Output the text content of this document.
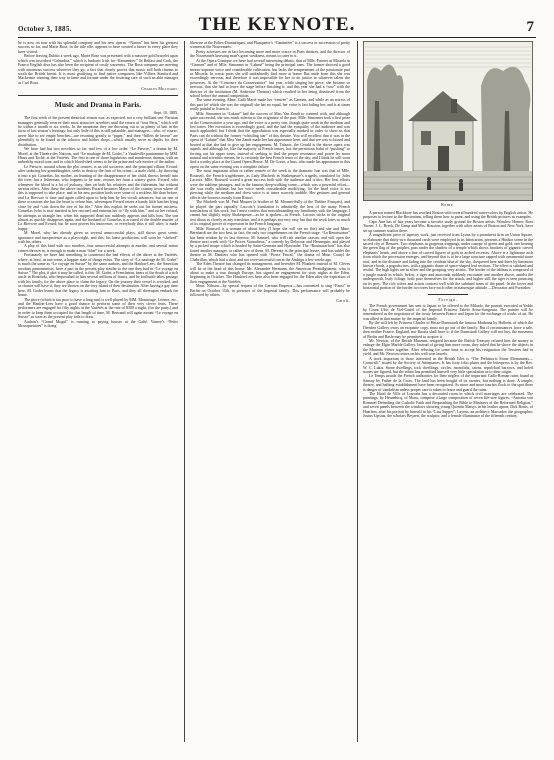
October 3, 1885.	THE KEYNOTE.	7

he is now on tour with his splendid company and his new operas. “Nanon” has been his greatest success so far, and Marie Rose, in the title rôle, appears to have created a furore in every place they have visited.

Before leaving Dublin a week ago, Marie Rose was presented with a massive gold bracelet upon which was inscribed “Columbia,” which is barbaric Irish for “Remember.” In Belfast and Cork, the Franco English diva has also been the recipient of costly souvenirs. The Rosa company are meeting with enormous success wherever they go, a fact that clearly proves that music still hath charms to sooth the British breast. It is most gratifying to find native composers like Villiers Stanford and Mackenzie winning their way to fame and fortune under the fostering care of such an able manager as Carl Rosa.

Charles Millward.
Music and Drama in Paris.
Sept. 10, 1885.

The first week of the present theatrical season was, as expected, not a very brilliant one. Parisian managers generally reserve their most attractive novelties until the return of “tout Paris,” which will be within a month or six weeks. In the meantime they are throwing out to us plenty of bait in the form of last season’s leavings; but only little of this is still palatable, and managers—who, of course, never like to see empty benches—are resorting greatly to “paper,” and their “billets de faveur” are plentifully to be found in the tobacco and barber shops—which usually serve as depôts for their distribution.

We have had but two novelties so far, and few of a low order. “Le Pievrre,” a drama by M. Morel, at the Theatre des Nations, and “Le naufrage de M. Godet,” a Vaudeville pantomime by MM. Hinzs and Tochê, at the Variétés. The first is one of those lugubrious and murderous dramas, with an unhealthy moral tone, and in which blood-shed seems to be the prime and sole motive of the author.

Le Piewrre, around whom the plot centres, is an old sorceress, and the principal villain; Evrard, after seducing her granddaughter, seeks to destroy the fruit of his crime—a male child—by throwing it into a pit. Gonzelas, his mother, on learning of the disappearance of her child, throws herself into the river, but a fisherman, who happens to be near, rescues her from a watery grave. Evrard, who whenever the blood is a lot of jealousy, then on both his relatives and the fisherman, but without serious effect. After these the above incidents Evrard becomes Mayor of the country town where all this is supposed to take place, and in his new position lords over some of a reckless life than before, and La Bievwre is time and again called upon to help him by her occult advances; but on one of these occasions she has the heart to refuse him, whereupon Evrard seizes a handy little hatchet lying close by and “cuts down the tree of his life.” After this exploit he seeks out his former mistress, Gonzelas (who is now married to her rescuer) and entreats her to “fly with him,” and on her refusal, he attempts to strangle her, when his supposed dead son suddenly appears and kills him. The son almost as quickly disappears again, and the husband of Gonzelas is accused of the double murder of La Bievwre and Evrard; but he soon proves his innocence, or everybody thus it still after; is made happy.

M. Morel, who has already given us several unsuccessful plays, still shows great scenic ignorance and inexperience as a playwright, and this, his latest production, will soon be “shelved” with his others.

A play of this kind with two murders, four unsuccessful attempts at murder, and several minor crimes thrown in, is enough to make a man “blue” for a week.

Fortunately we have had something to counteract the bad effects of the above at the Variétés, where, at least, in one sense, a happier state of things exists. The story of “Le naufrage de M. Godet” is much the same as “Le voyage en Suisse” by the same authors, and the Hanlon-Lees, the American acrobats pantomimists, have a part in the present play similar to the one they had in “Le voyage en Suisse.” The plot, if plot it may be called, is this: M. Godet, a Frenchman, hears of the death of a rich uncle in Honolulu, who bequeathed to him several millions of francs, and he forthwith takes passage with his family, for the above place to claim the legacy. On the journey their vessel is wrecked, and as chance will have it, they are thrown on the very island of their destination. After having a gay time here, M. Godet learns that the legacy is awaiting him in Paris, and they all thereupon embark for home.

The piece (which is too poor to have a long run) is well played by MM. Montrouge, Léonce, etc., and the Hanlon-Lees have a good chance to perform some of their very clever feats. These performers are engaged for fifty nights at the Variétés at the rate of $300 a night, (for the party,) and in order to keep them occupied for that length of time, M. Bertrand will again mount “Le voyage en Suisse” as soon as the present play fails to draw.

Audran’s “Grand Mogul” is running to paying houses at the Gaîté. Varney’s “Petits Mousquetaires” is doing

likewise at the Folies-Dramatiques, and Planquette’s “Cantinière” is a success or succession of pretty women at the Nouveautés.

Pretty actresses are in fact becoming more and more scarce in Paris theatres, and the director of the Nouveautés knowing man’s great weakness, means to cater to it.

At the Opera Comique we have had several interesting débuts, that of Mlle. Patoret as Micaela in “Carmen” and of Mlle. Simonnet in “Lakmé” being the principal ones. The former showed a good mezzo-soprano voice and considerable cultivation, but lacks the temperament of the passionate part as Micaela. In comic parts she will undoubtedly find more at home. But aside from this she was exceedingly nervous, and therefore it was impossible for her to do justice to whatever talent she possesses. At the “Concours du Conservatoire” last year, while singing her piece, she became so nervous, that she had to leave the stage before finishing it; and this year she had a “row” with the director of the institution (M. Ambroise Thomas) which resulted in her being dismissed from the school before the annual competition.

The same evening, Mme. Galli Marié made her “rentrée” as Carmen, and while as an actress of this part (of which she was the original) she has no equal, her voice is fast failing her, and is at times really painful to listen to.

Mlle. Simonnet in “Lakmé” had the success of Miss Van Zandt to contend with, and although quite successful, she was much inferior to the originator of the part. Mlle. Simonnet took a first prize at the Conservatoire a year ago, and the voice is a pretty one, though quite weak in the medium and low tones. Her execution is exceedingly good, and she had the sympathy of the audience and was much applauded; but I think that the approbation was especially marked in order to show us that Paris can do without the former “whistling star” of this theatre. You will recollect that it was in the opera of “Lakmé” that Miss Van Zandt made her last appearance here, and that see was so hissed and hooted at that she had to give up her engagement. M. Talazac, the Gerald is the above opera was superb, and although he, like the majority of French tenors, has the pernicious habit of “pushing” or forcing out his upper tones, instead of seeking to find the proper resonance and power by more natural and scientific means, he is certainly the best French tenor of the day, and I think he will soon find a worthy place at the Grand Opera House. M. De Grave, a bass, who made his appearance in this opera on the same evening was a complete failure.

The most important affair or rather rentrée of the week in the dramatic line was that of Mlle. Rousseil, the French tragédienne, as Lady Macbeth in Shakespeare’s tragedy, translated by Jules Lacroix. Mlle. Rousseil scored a great success both with the audience and critics. Her best efforts were the sublime passages, and in the famous sleep-walking scene—which was a powerful effort—she was really sublime, but her voice needs considerable modifying, for the head voice is too piercing while the medium and chest voice is at times scarcely audible. Her gestures and general effects she borrows mostly from Ristori.

The Macbeth was M. Paul Mounet (a brother of M. Mounet-Sully of the Théâtre Français), and he played the part capitally. Lacroix’s translation is admittedly the best of the many French translations of this work, but I must confess that notwithstanding my familiarity with the language, I cannot but slightly enjoy Shakespeare—as he is spoken—in French. Lacroix sticks to the original text about as closely as any translator, and it is perhaps not very easy but that the work loses so much of its original power of expression in the French language.

Mlle. Rousseil is a woman of about forty (I hope she will see no this) and she and Mme. Bernhardt are the two best, in fact, the only two tragediennes on the French stage. “La Renaissance” has been retaken by its last director, M. Samuel, who will risk another season, and will open the theatre next week with “Le Procès Vauradieux,” a comedy by Delacour and Hennequin, and played by a picked troupe which is headed by Saint-Germain and Hyacinthe. The “Bouinarachois” has also found another manager, or rather two of them. M. Derenty is the principal lessee, and has sublet the theatre to M. Daniiers who has opened with “Pierre Pascal,” the drama of Mme. Coutyl de Chabrillan, which had a short and not over-successful run at the Ambigu a few weeks ago.

The Eden Theatre has changed its management, and hereafter M. Plunkett instead of M. Cléves will be at the head of this house. Mr. Alexandre Hermann, the American Prestidigitateur, who is about to make a tour through Europe, has signed an engagement for sixty nights at the Eden, beginning in October. The Hanlon-Lees have also been engaged for the Eden after the expiration of their engagement at the Variétés.

Mme. Nilsson—by special request of the German Emperor—has consented to sing “Faust” in Berlin on October 15th, in presence of the Imperial family. This performance will probably be followed by others.

Caroli.
Home.

A person named Blackbore has reached Boston with several hundred water-colors by English artists. He proposes to lecture to the Bostonians, telling them how to paint, and using the British pictures as examples.

Capo Ann has of late years become a favorite study ground for Boston artists. Winslow Homer, Ross Turner, J. L. Breck, De Camp and Mrs. Houston, together with other artists of Boston and New York, have set up summer studios there.

A magnificent piece of tapestry work, just received from Lyons by a prominent firm on Union Square, so elaborate that thirty-two thousand cards were employed in its fabrication, presents a Hindoo scene in the sacred city of Benares. Two elephants in gorgeous trappings, under canopy of green and gold, one bearing the green flag of the prophet, pass under the shadow of a temple which shows brackets of gigantic carved elephants’ heads, and above a line of carved figures of gods in arched recesses. Above is a lightsome arch from which the procession emerges, and beyond that is to be a large structure capped with ornamental stone roof, and in the distance and fading into the cerulean blue of the sky, chequered here and there by luminous brown clouds, a pagoda rises, with a gigantic dome of space-shaped leaf sections. The effect is subdued and restful. The high lights are in silver and the grouping very artistic. The border of the tableau is composed of a jungle marsh in which, below, a tiger and anaconda suddenly encounter one another above, amidst the undergrowth, leafy foliage, both pose themselves for the attack, and higher still the tiger is seen pouncing on its prey. The rich colors and action contrast well with the subdued tones of the panel. In the lower and horizontal portion of the border two trees face each other in statuesque attitude.—Decorator and Furnisher.

Foreign.

The French government has sent to Japan, to be offered to the Mikado, the portrait executed at Yeddo by Count Ulric de Viel-Castel of the Imperial Princess Takéto Arisu-Songoura. The painter will be remembered as the negotiator of the treaty between France and Japan for the exchange of works of art. He was allied in that matter by the imperial family.

By the will left by Princess Charles of Hesse-Darmstadt the famous Madonna by Holbein, of which the Dresden Gallery owns an exquisite copy, must not go out of the family. But if circumstances force a sale, then neither France, England, nor Russia shall have it; if the Darmstadt Gallery will not buy, the museums of Berlin and Basle may be permitted to acquire it.

Mr. Newton, of the British Museum, resigned because the British Treasury refused him the money to enlarge the Elgin Marble Gallery. Instead of giving him more room, they asked that he shove the objects in the Museum closer together. After refusing for some time to accept his resignation the Trustees had to yield, and Mr. Newton retires on his well won laurels.

A work important to those interested in the British Isles is “The Prehistoric Stone Monuments—Cornwall,” issued by the Society of Antiquaries. It has forty folio plates and the letterpress is by the Rev. W. C. Lukis. Stone dwellings, rock dwellings, circles, monoliths, cairns, sepulchral barrows, and holed stones are figured, but the editor has permitted himself very little speculation as to their origin.

Le Temps assails the French authorities for their neglect of the important Gallo-Roman ruins found at Sanxay by Father de la Croix. The land has been bought of its owners, but nothing is done. A temple, theatre, and bathing establishment have been recognized. As more and more tourists flock to the spot there is danger of vandalism unless proper care is taken to fence and guard the ruins.

The Hotel de Ville of Louvain has a decorated room in which civil marriages are celebrated. The paintings, by Hennebicq, of Mons, comprise a large composition of seven life-size figures, “Antonia von Rommel Defending the Catholic Faith and Bequeathing the Bible to Ministers of the Reformed Religion,” and seven panels between the windows showing young Quentin Matsys in his leather apron; Dirk Bouts, of Haarlem, after his portrait by himself in his “Last Supper”; Layens, an architect; Marcador; the geographer; Justus Lipsius, the scholars Beyaert, the sculptor, and a female illuminator of the fifteenth century.
